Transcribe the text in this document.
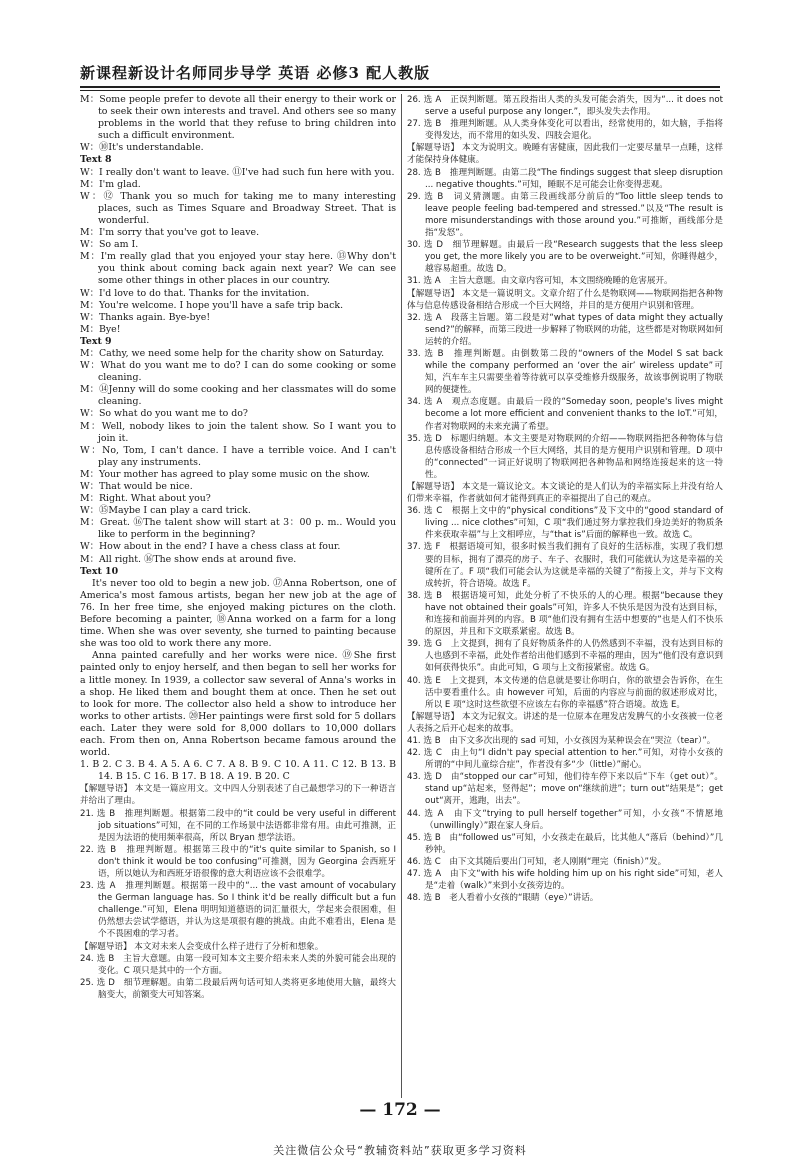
新课程新设计名师同步导学 英语 必修3 配人教版

M：Some people prefer to devote all their energy to their work or to seek their own interests and travel. And others see so many problems in the world that they refuse to bring children into such a difficult environment.

W：⑩It's understandable.

Text 8

W：I really don't want to leave. ⑪I've had such fun here with you.

M：I'm glad.

W：⑫ Thank you so much for taking me to many interesting places, such as Times Square and Broadway Street. That is wonderful.

M：I'm sorry that you've got to leave.

W：So am I.

M：I'm really glad that you enjoyed your stay here. ⑬Why don't you think about coming back again next year? We can see some other things in other places in our country.

W：I'd love to do that. Thanks for the invitation.

M：You're welcome. I hope you'll have a safe trip back.

W：Thanks again. Bye-bye!

M：Bye!

Text 9

M：Cathy, we need some help for the charity show on Saturday.

W：What do you want me to do? I can do some cooking or some cleaning.

M：⑭Jenny will do some cooking and her classmates will do some cleaning.

W：So what do you want me to do?

M：Well, nobody likes to join the talent show. So I want you to join it.

W：No, Tom, I can't dance. I have a terrible voice. And I can't play any instruments.

M：Your mother has agreed to play some music on the show.

W：That would be nice.

M：Right. What about you?

W：⑮Maybe I can play a card trick.

M：Great. ⑯The talent show will start at 3：00 p. m.. Would you like to perform in the beginning?

W：How about in the end? I have a chess class at four.

M：All right. ⑯The show ends at around five.

Text 10

It's never too old to begin a new job. ⑰Anna Robertson, one of America's most famous artists, began her new job at the age of 76. In her free time, she enjoyed making pictures on the cloth. Before becoming a painter, ⑱Anna worked on a farm for a long time. When she was over seventy, she turned to painting because she was too old to work there any more.

Anna painted carefully and her works were nice. ⑲She first painted only to enjoy herself, and then began to sell her works for a little money. In 1939, a collector saw several of Anna's works in a shop. He liked them and bought them at once. Then he set out to look for more. The collector also held a show to introduce her works to other artists. ⑳Her paintings were first sold for 5 dollars each. Later they were sold for 8,000 dollars to 10,000 dollars each. From then on, Anna Robertson became famous around the world.

1. B 2. C 3. B 4. A 5. A 6. C 7. A 8. B 9. C 10. A 11. C 12. B 13. B 14. B 15. C 16. B 17. B 18. A 19. B 20. C

【解题导语】 本文是一篇应用文。文中四人分别表述了自己最想学习的下一种语言并给出了理由。

21. 选 B　推理判断题。根据第二段中的“it could be very useful in different job situations”可知，在不同的工作场景中法语都非常有用。由此可推测，正是因为法语的使用频率很高，所以 Bryan 想学法语。

22. 选 B　推理判断题。根据第三段中的“it's quite similar to Spanish, so I don't think it would be too confusing”可推测，因为 Georgina 会西班牙语，所以她认为和西班牙语很像的意大利语应该不会很难学。

23. 选 A　推理判断题。根据第一段中的“... the vast amount of vocabulary the German language has. So I think it'd be really difficult but a fun challenge.”可知，Elena 明明知道德语的词汇量很大，学起来会很困难，但仍然想去尝试学德语，并认为这是项很有趣的挑战。由此不难看出，Elena 是个不畏困难的学习者。

【解题导语】 本文对未来人会变成什么样子进行了分析和想象。

24. 选 B　主旨大意题。由第一段可知本文主要介绍未来人类的外貌可能会出现的变化。C 项只是其中的一个方面。

25. 选 D　细节理解题。由第二段最后两句话可知人类将更多地使用大脑，最终大脑变大，前额变大可知答案。

26. 选 A　正误判断题。第五段指出人类的头发可能会消失，因为“... it does not serve a useful purpose any longer.”，即头发失去作用。

27. 选 B　推理判断题。从人类身体变化可以看出，经常使用的，如大脑，手指将变得发达，而不常用的如头发、四肢会退化。

【解题导语】 本文为说明文。晚睡有害健康，因此我们一定要尽量早一点睡，这样才能保持身体健康。

28. 选 B　推理判断题。由第二段“The findings suggest that sleep disruption ... negative thoughts.”可知，睡眠不足可能会让你变得悲观。

29. 选 B　词义猜测题。由第三段画线部分前后的“Too little sleep tends to leave people feeling bad-tempered and stressed.”以及“The result is more misunderstandings with those around you.”可推断，画线部分是指“发怒”。

30. 选 D　细节理解题。由最后一段“Research suggests that the less sleep you get, the more likely you are to be overweight.”可知，你睡得越少，越容易超重。故选 D。

31. 选 A　主旨大意题。由文章内容可知，本文围绕晚睡的危害展开。

【解题导语】 本文是一篇说明文。文章介绍了什么是物联网——物联网指把各种物体与信息传感设备相结合形成一个巨大网络，并目的是方便用户识别和管理。

32. 选 A　段落主旨题。第二段是对“what types of data might they actually send?”的解释，而第三段进一步解释了物联网的功能，这些都是对物联网如何运转的介绍。

33. 选 B　推理判断题。由倒数第二段的“owners of the Model S sat back while the company performed an ‘over the air’ wireless update”可知，汽车车主只需要坐着等待就可以享受维修升级服务，故该事例说明了物联网的便捷性。

34. 选 A　观点态度题。由最后一段的“Someday soon, people's lives might become a lot more efficient and convenient thanks to the IoT.”可知，作者对物联网的未来充满了希望。

35. 选 D　标题归纳题。本文主要是对物联网的介绍——物联网指把各种物体与信息传感设备相结合形成一个巨大网络，其目的是方便用户识别和管理。D 项中的“connected”一词正好说明了物联网把各种物品和网络连接起来的这一特性。

【解题导语】 本文是一篇议论文。本文谈论的是人们认为的幸福实际上并没有给人们带来幸福，作者就如何才能得到真正的幸福提出了自己的观点。

36. 选 C　根据上文中的“physical conditions”及下文中的“good standard of living ... nice clothes”可知，C 项“我们通过努力掌控我们身边美好的物质条件来获取幸福”与上文相呼应，与“that is”后面的解释也一致。故选 C。

37. 选 F　根据语境可知，很多时候当我们拥有了良好的生活标准，实现了我们想要的目标，拥有了漂亮的房子、车子、衣服时，我们可能就认为这是幸福的关键所在了。F 项“我们可能会认为这就是幸福的关键了”衔接上文，并与下文构成转折，符合语境。故选 F。

38. 选 B　根据语境可知，此处分析了不快乐的人的心理。根据“because they have not obtained their goals”可知，许多人不快乐是因为没有达到目标，和连接和前面并列的内容。B 项“他们没有拥有生活中想要的”也是人们不快乐的原因，并且和下文联系紧密。故选 B。

39. 选 G　上文提到，拥有了良好物质条件的人仍然感到不幸福，没有达到目标的人也感到不幸福，此处作者给出他们感到不幸福的理由，因为“他们没有意识到如何获得快乐”。由此可知，G 项与上文衔接紧密。故选 G。

40. 选 E　上文提到，本文传递的信息就是要让你明白，你的欲望会告诉你，在生活中要看重什么。由 however 可知，后面的内容应与前面的叙述形成对比，所以 E 项“这时这些欲望不应该左右你的幸福感”符合语境。故选 E。

【解题导语】 本文为记叙文。讲述的是一位原本在理发店发脾气的小女孩被一位老人表扬之后开心起来的故事。

41. 选 B　由下文多次出现的 sad 可知，小女孩因为某种误会在“哭泣（tear）”。

42. 选 C　由上句“I didn't pay special attention to her.”可知，对待小女孩的所谓的“中间儿童综合症”，作者没有多“少（little）”耐心。

43. 选 D　由“stopped our car”可知，他们待车停下来以后“下车（get out）”。stand up“站起来，竖得起”；move on“继续前进”；turn out“结果是”；get out“离开，逃跑，出去”。

44. 选 A　由下文“trying to pull herself together”可知，小女孩“不情愿地（unwillingly）”跟在家人身后。

45. 选 B　由“followed us”可知，小女孩走在最后，比其他人“落后（behind）”几秒钟。

46. 选 C　由下文其随后要出门可知，老人刚刚“理完（finish）”发。

47. 选 A　由下文“with his wife holding him up on his right side”可知，老人是“走着（walk）”来到小女孩旁边的。

48. 选 B　老人看着小女孩的“眼睛（eye）”讲话。

— 172 —
关注微信公众号“教辅资料站”获取更多学习资料
